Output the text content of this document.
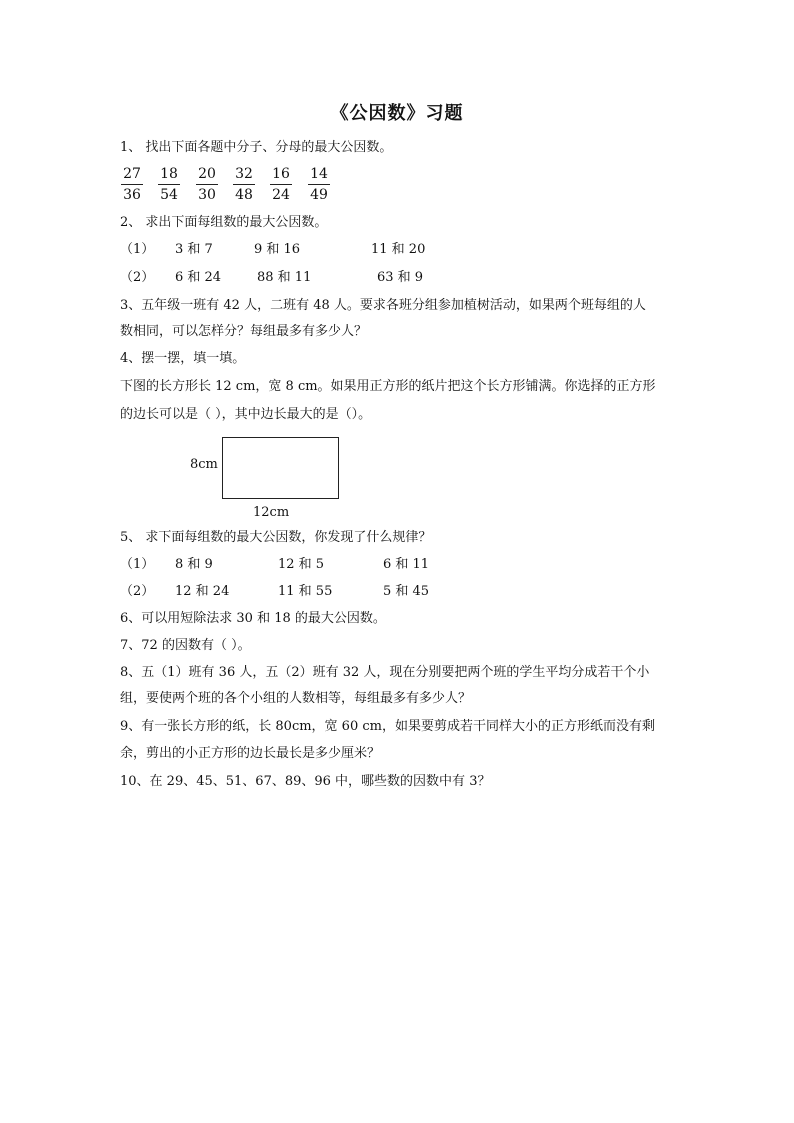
《公因数》习题
1、 找出下面各题中分子、分母的最大公因数。
27
36
18
54
20
30
32
48
16
24
14
49
2、 求出下面每组数的最大公因数。
（1） 3 和 7	9 和 16	11 和 20
（2） 6 和 24	88 和 11	63 和 9
3、五年级一班有 42 人，二班有 48 人。要求各班分组参加植树活动，如果两个班每组的人
数相同，可以怎样分？每组最多有多少人？
4、摆一摆，填一填。
下图的长方形长 12 cm，宽 8 cm。如果用正方形的纸片把这个长方形铺满。你选择的正方形
的边长可以是（ ），其中边长最大的是（）。
8cm
12cm
5、 求下面每组数的最大公因数，你发现了什么规律？
（1） 8 和 9	12 和 5	6 和 11
（2） 12 和 24	11 和 55	5 和 45
6、可以用短除法求 30 和 18 的最大公因数。
7、72 的因数有（ ）。
8、五（1）班有 36 人，五（2）班有 32 人，现在分别要把两个班的学生平均分成若干个小
组，要使两个班的各个小组的人数相等，每组最多有多少人？
9、有一张长方形的纸，长 80cm，宽 60 cm，如果要剪成若干同样大小的正方形纸而没有剩
余，剪出的小正方形的边长最长是多少厘米？
10、在 29、45、51、67、89、96 中，哪些数的因数中有 3？
